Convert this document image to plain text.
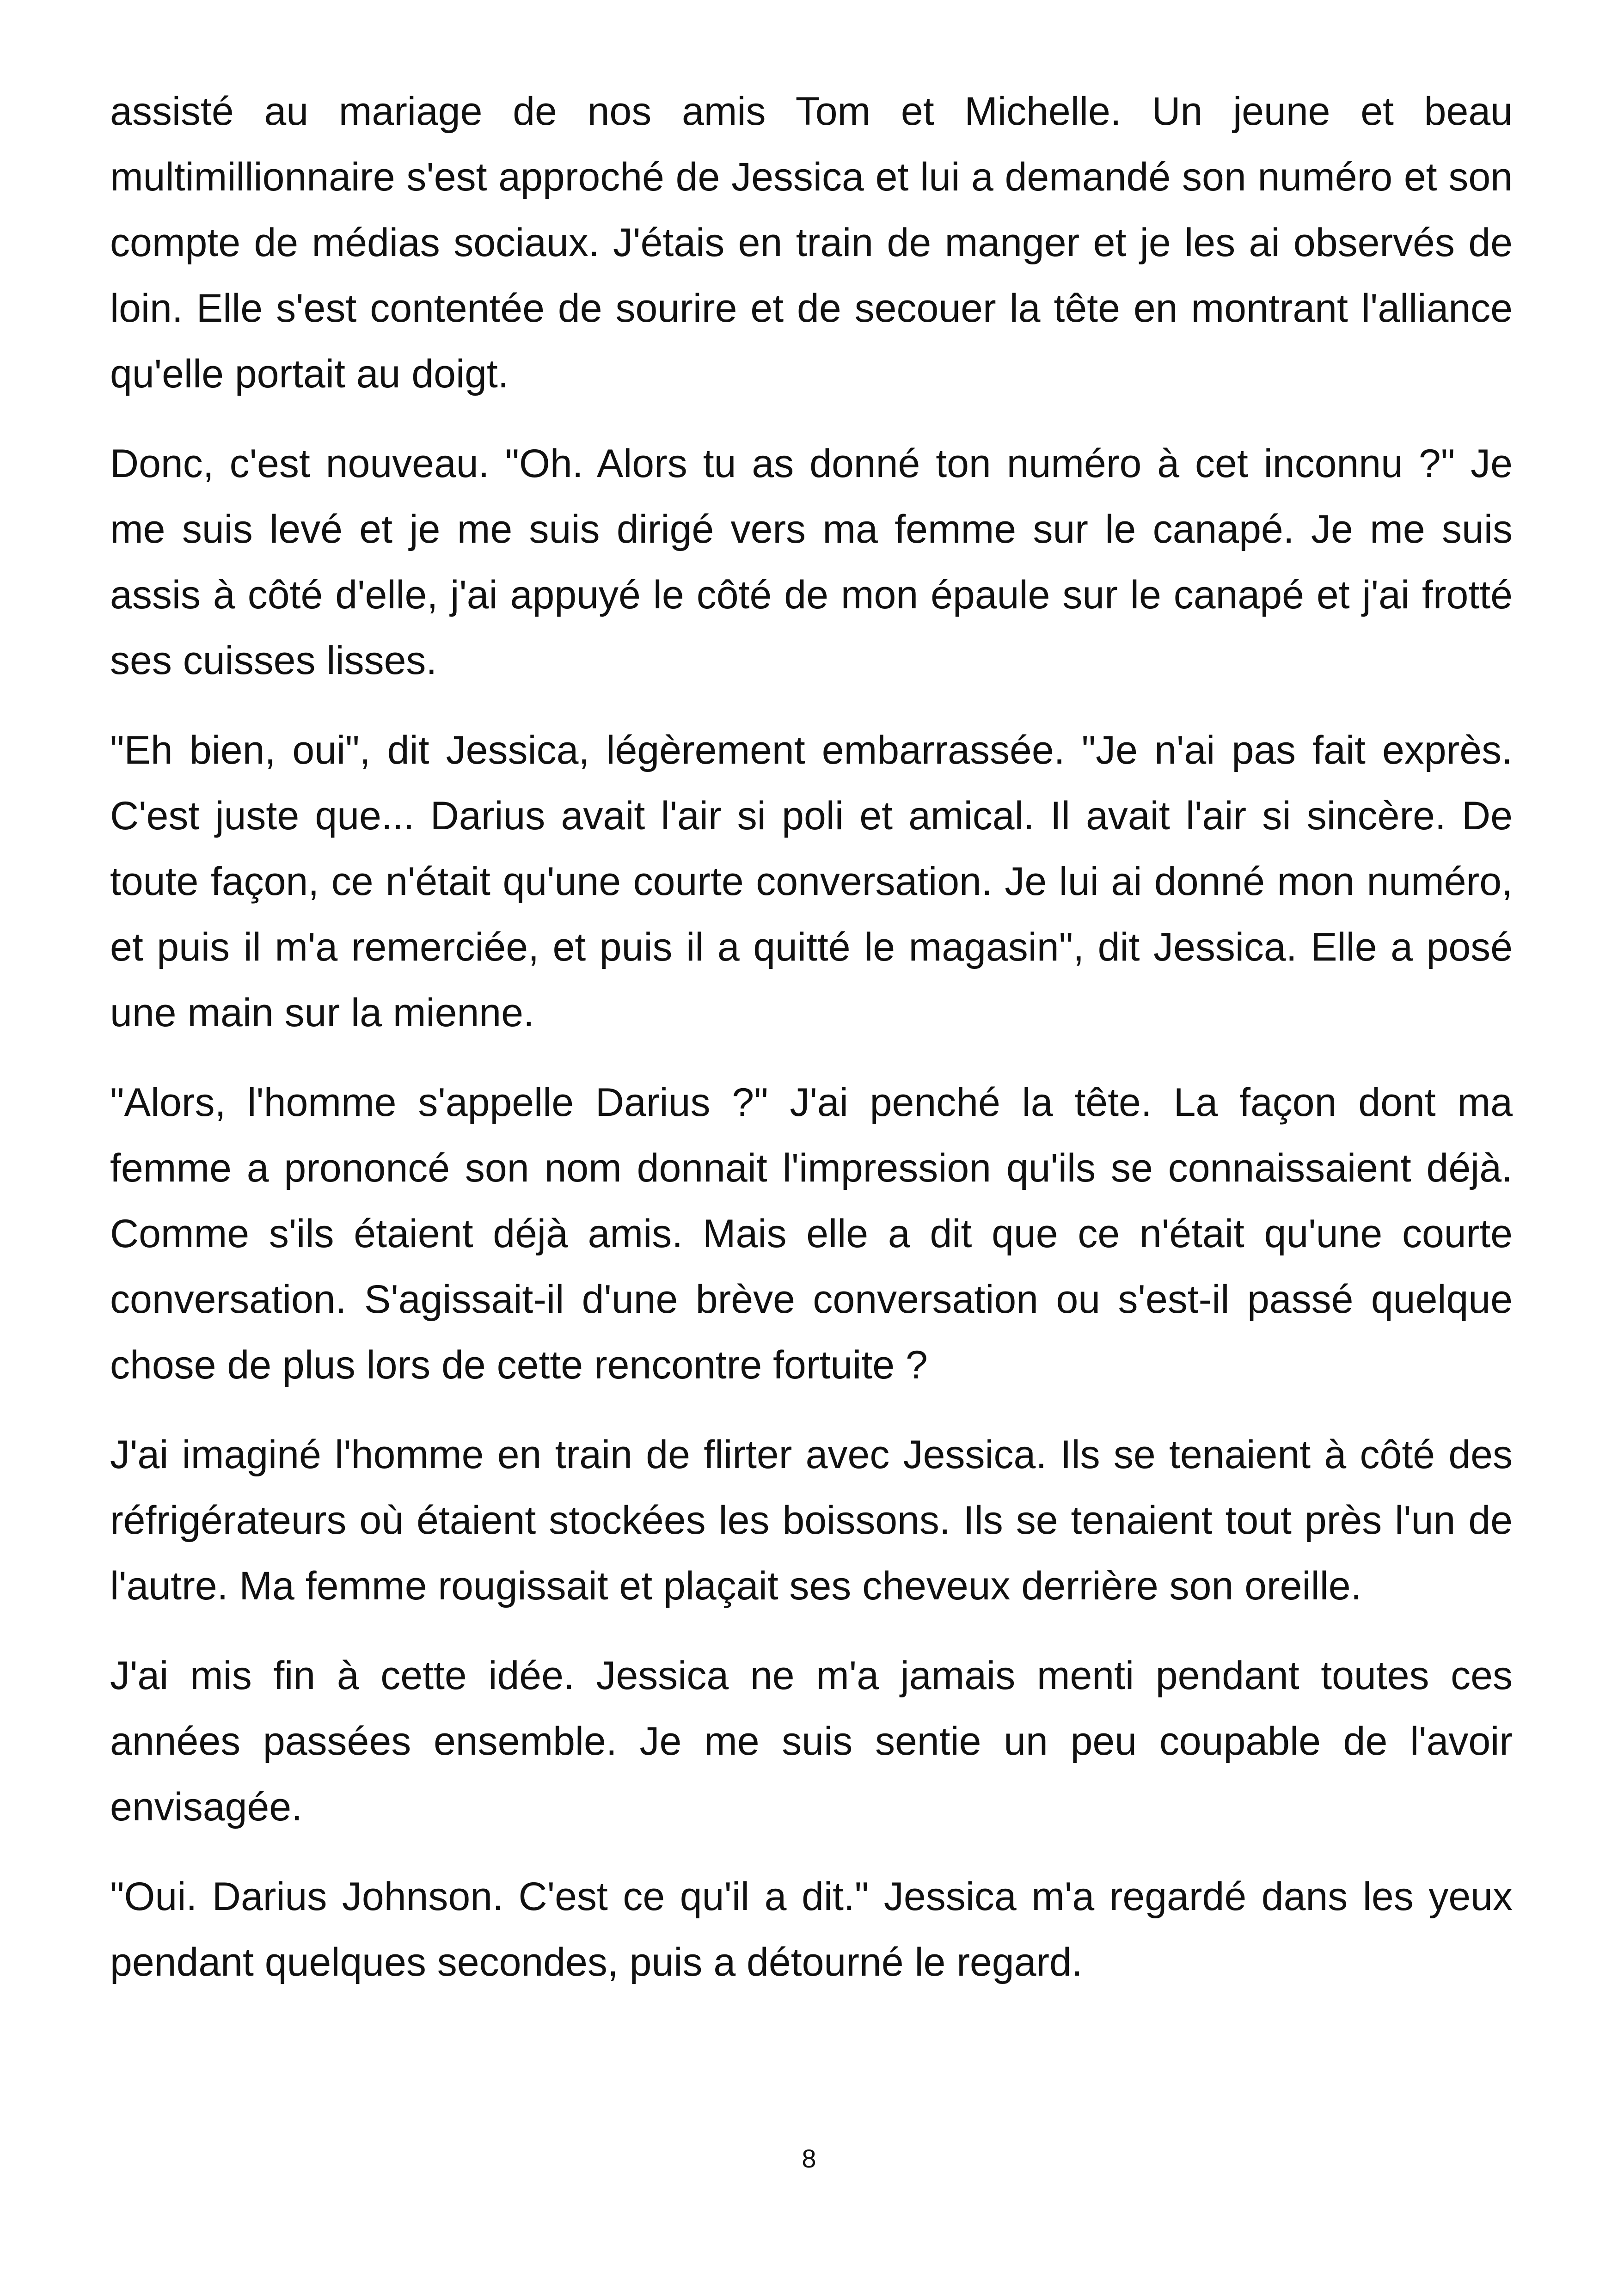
assisté au mariage de nos amis Tom et Michelle. Un jeune et beau multimillionnaire s'est approché de Jessica et lui a demandé son numéro et son compte de médias sociaux. J'étais en train de manger et je les ai observés de loin. Elle s'est contentée de sourire et de secouer la tête en montrant l'alliance qu'elle portait au doigt.

Donc, c'est nouveau. "Oh. Alors tu as donné ton numéro à cet inconnu ?" Je me suis levé et je me suis dirigé vers ma femme sur le canapé. Je me suis assis à côté d'elle, j'ai appuyé le côté de mon épaule sur le canapé et j'ai frotté ses cuisses lisses.

"Eh bien, oui", dit Jessica, légèrement embarrassée. "Je n'ai pas fait exprès. C'est juste que... Darius avait l'air si poli et amical. Il avait l'air si sincère. De toute façon, ce n'était qu'une courte conversation. Je lui ai donné mon numéro, et puis il m'a remerciée, et puis il a quitté le magasin", dit Jessica. Elle a posé une main sur la mienne.

"Alors, l'homme s'appelle Darius ?" J'ai penché la tête. La façon dont ma femme a prononcé son nom donnait l'impression qu'ils se connaissaient déjà. Comme s'ils étaient déjà amis. Mais elle a dit que ce n'était qu'une courte conversation. S'agissait-il d'une brève conversation ou s'est-il passé quelque chose de plus lors de cette rencontre fortuite ?

J'ai imaginé l'homme en train de flirter avec Jessica. Ils se tenaient à côté des réfrigérateurs où étaient stockées les boissons. Ils se tenaient tout près l'un de l'autre. Ma femme rougissait et plaçait ses cheveux derrière son oreille.

J'ai mis fin à cette idée. Jessica ne m'a jamais menti pendant toutes ces années passées ensemble. Je me suis sentie un peu coupable de l'avoir envisagée.

"Oui. Darius Johnson. C'est ce qu'il a dit." Jessica m'a regardé dans les yeux pendant quelques secondes, puis a détourné le regard.

8
